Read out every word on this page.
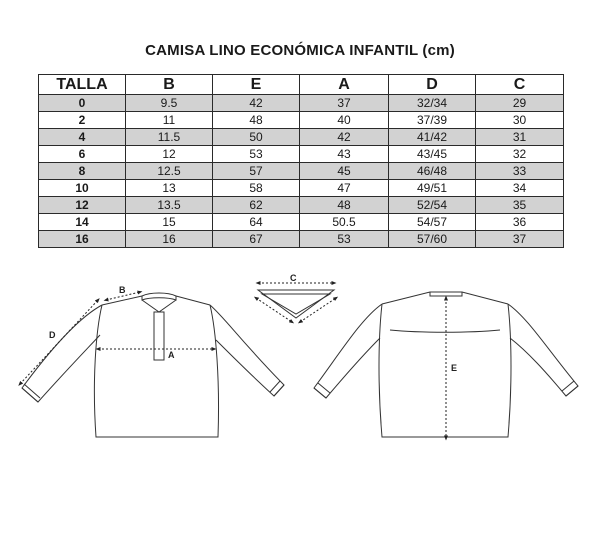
CAMISA LINO ECONÓMICA INFANTIL (cm)
TALLA	B	E	A	D	C
0	9.5	42	37	32/34	29
2	11	48	40	37/39	30
4	11.5	50	42	41/42	31
6	12	53	43	43/45	32
8	12.5	57	45	46/48	33
10	13	58	47	49/51	34
12	13.5	62	48	52/54	35
14	15	64	50.5	54/57	36
16	16	67	53	57/60	37
A
B
D
C
E
